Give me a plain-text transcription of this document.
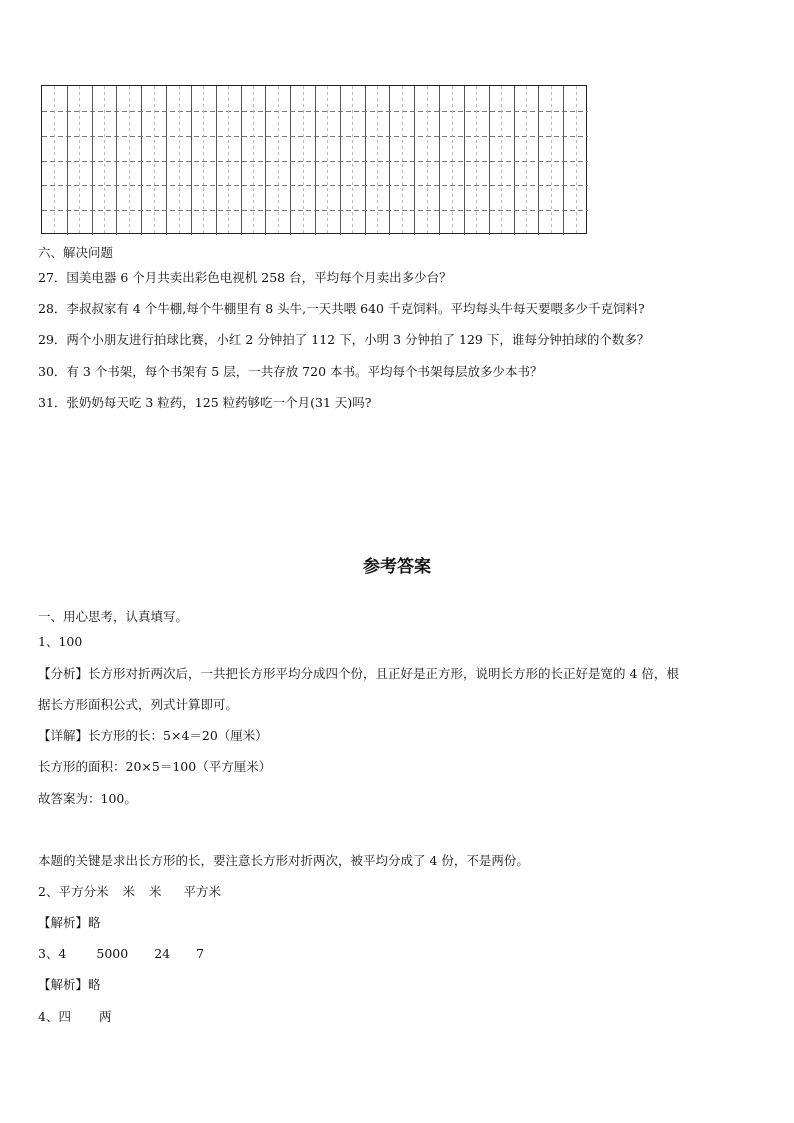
六、解决问题
27．国美电器 6 个月共卖出彩色电视机 258 台，平均每个月卖出多少台？
28．李叔叔家有 4 个牛棚,每个牛棚里有 8 头牛,一天共喂 640 千克饲料。平均每头牛每天要喂多少千克饲料?
29．两个小朋友进行拍球比赛，小红 2 分钟拍了 112 下，小明 3 分钟拍了 129 下，谁每分钟拍球的个数多？
30．有 3 个书架，每个书架有 5 层，一共存放 720 本书。平均每个书架每层放多少本书？
31．张奶奶每天吃 3 粒药，125 粒药够吃一个月(31 天)吗?
参考答案
一、用心思考，认真填写。
1、100
【分析】长方形对折两次后，一共把长方形平均分成四个份，且正好是正方形，说明长方形的长正好是宽的 4 倍，根
据长方形面积公式，列式计算即可。
【详解】长方形的长：5×4＝20（厘米）
长方形的面积：20×5＝100（平方厘米）
故答案为：100。
本题的关键是求出长方形的长，要注意长方形对折两次，被平均分成了 4 份，不是两份。
2、平方分米 米 米 平方米
【解析】略
3、4 5000 24 7
【解析】略
4、四 两
